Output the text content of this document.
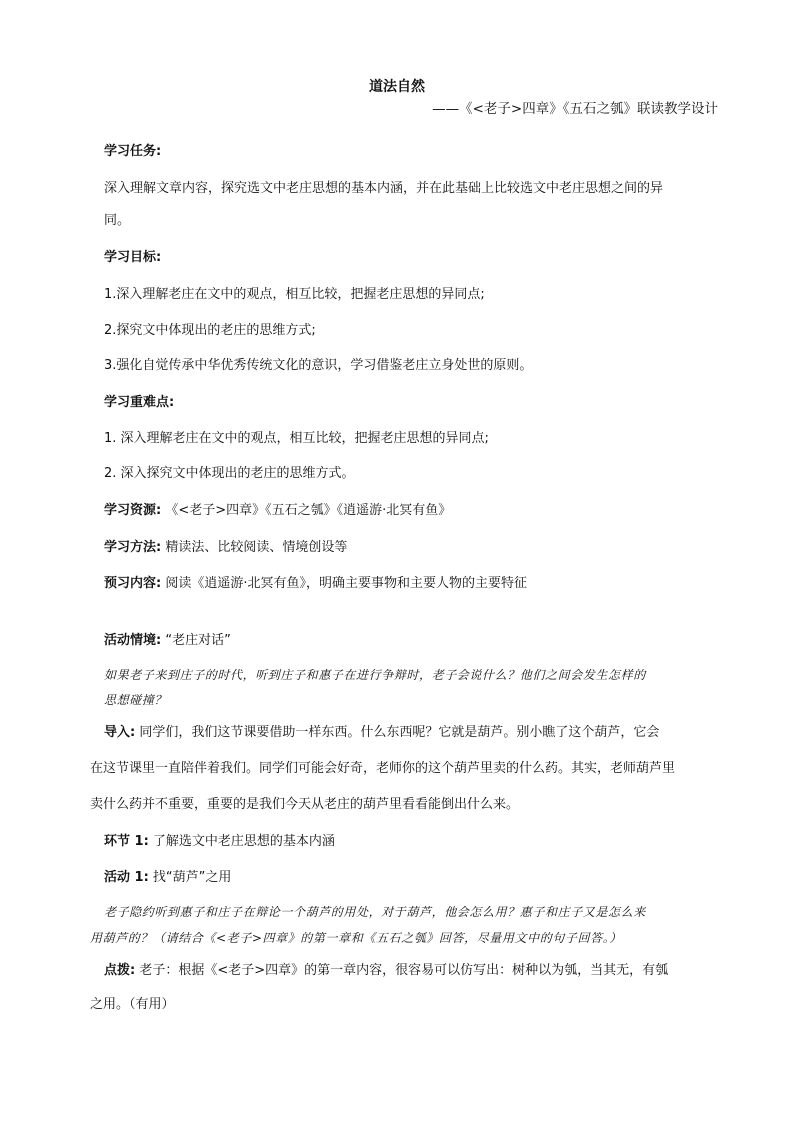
道法自然
——《<老子>四章》《五石之瓠》联读教学设计
学习任务:
深入理解文章内容，探究选文中老庄思想的基本内涵，并在此基础上比较选文中老庄思想之间的异
同。
学习目标:
1.深入理解老庄在文中的观点，相互比较，把握老庄思想的异同点;
2.探究文中体现出的老庄的思维方式;
3.强化自觉传承中华优秀传统文化的意识，学习借鉴老庄立身处世的原则。
学习重难点:
1. 深入理解老庄在文中的观点，相互比较，把握老庄思想的异同点;
2. 深入探究文中体现出的老庄的思维方式。
学习资源: 《<老子>四章》《五石之瓠》《逍遥游·北冥有鱼》
学习方法: 精读法、比较阅读、情境创设等
预习内容: 阅读《逍遥游·北冥有鱼》，明确主要事物和主要人物的主要特征
活动情境: “老庄对话”
如果老子来到庄子的时代，听到庄子和惠子在进行争辩时，老子会说什么？他们之间会发生怎样的
思想碰撞？
导入: 同学们，我们这节课要借助一样东西。什么东西呢？它就是葫芦。别小瞧了这个葫芦，它会
在这节课里一直陪伴着我们。同学们可能会好奇，老师你的这个葫芦里卖的什么药。其实，老师葫芦里
卖什么药并不重要，重要的是我们今天从老庄的葫芦里看看能倒出什么来。
环节 1: 了解选文中老庄思想的基本内涵
活动 1: 找“葫芦”之用
老子隐约听到惠子和庄子在辩论一个葫芦的用处，对于葫芦，他会怎么用？惠子和庄子又是怎么来
用葫芦的？（请结合《<老子>四章》的第一章和《五石之瓠》回答，尽量用文中的句子回答。）
点拨: 老子：根据《<老子>四章》的第一章内容，很容易可以仿写出：树种以为瓠，当其无，有瓠
之用。（有用）
